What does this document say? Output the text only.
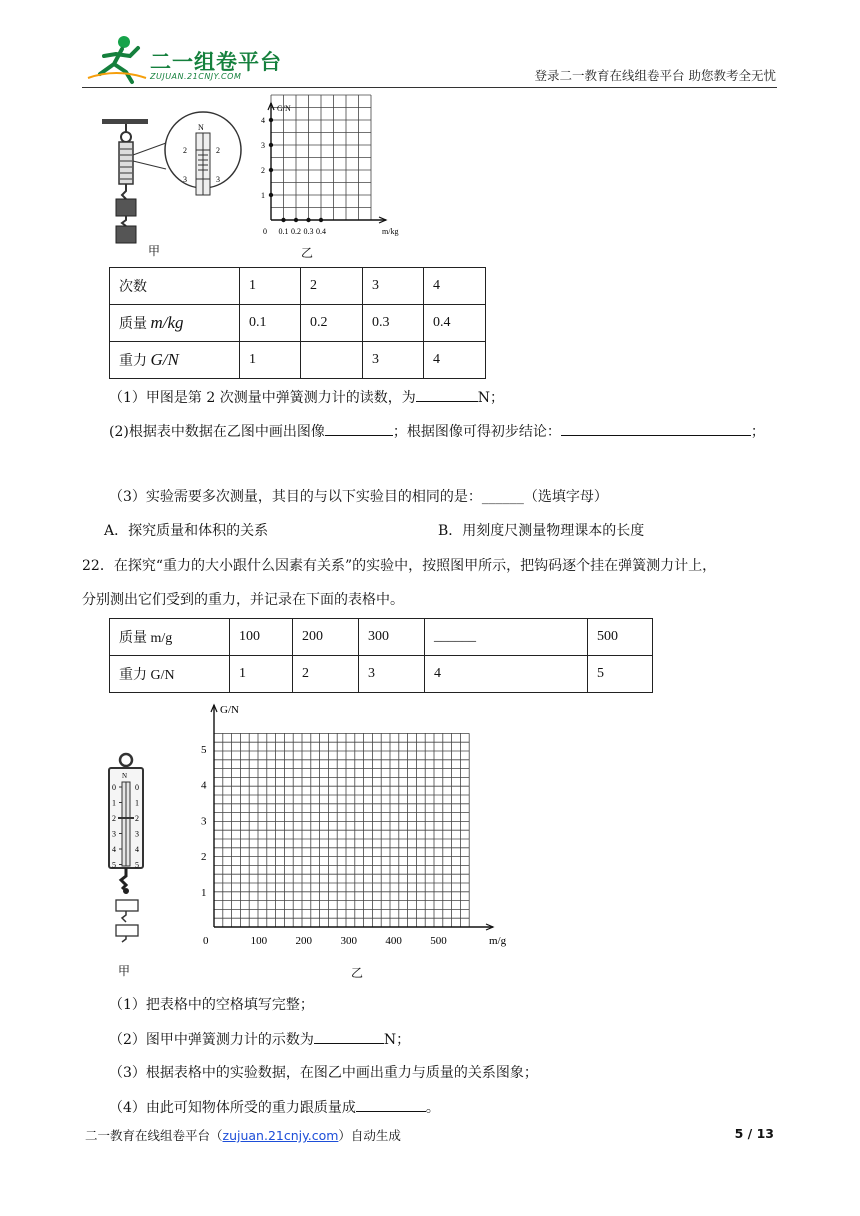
二一组卷平台
ZUJUAN.21CNJY.COM	登录二一教育在线组卷平台 助您教考全无忧
N
2	2
3	3
甲
G/N
m/kg
0 0.1 0.2 0.3 0.4
1
2
3
4
乙
次数	1	2	3	4
质量 m/kg	0.1	0.2	0.3	0.4
重力 G/N	1		3	4
（1）甲图是第 2 次测量中弹簧测力计的读数，为	N；
(2)根据表中数据在乙图中画出图像	；根据图像可得初步结论：	；
（3）实验需要多次测量，其目的与以下实验目的相同的是：______（选填字母）
A．探究质量和体积的关系	B．用刻度尺测量物理课本的长度
22．在探究“重力的大小跟什么因素有关系”的实验中，按照图甲所示，把钩码逐个挂在弹簧测力计上，
分别测出它们受到的重力，并记录在下面的表格中。
质量 m/g	100	200	300	______	500
重力 G/N	1	2	3	4	5
N
0 0
1 1
2 2
3 3
4 4
5 5
甲
G/N
m/g
0	100	200	300	400	500
1
2
3
4
5
乙
（1）把表格中的空格填写完整；
（2）图甲中弹簧测力计的示数为	N；
（3）根据表格中的实验数据，在图乙中画出重力与质量的关系图象；
（4）由此可知物体所受的重力跟质量成	。
二一教育在线组卷平台（zujuan.21cnjy.com）自动生成	5 / 13
